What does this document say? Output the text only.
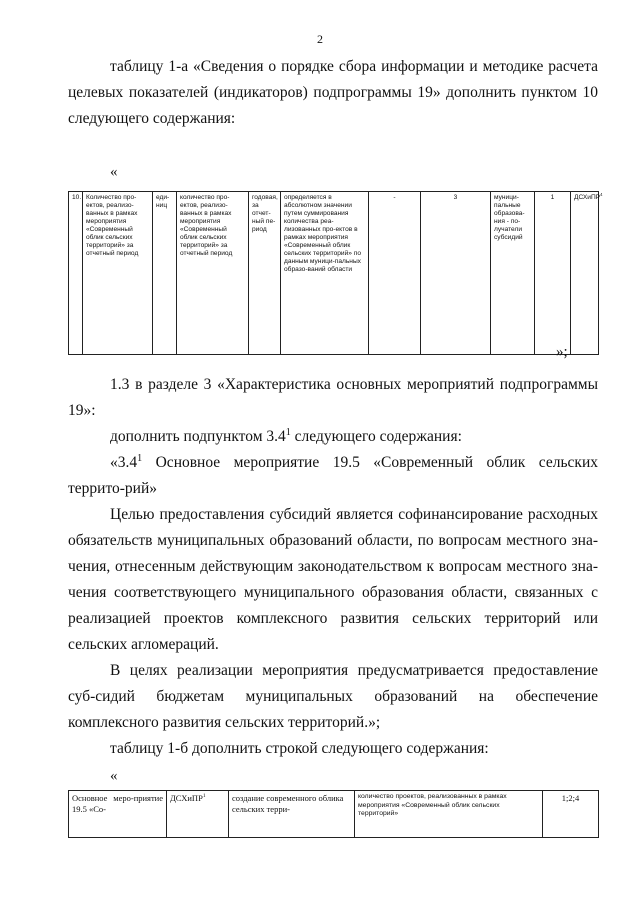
2

таблицу 1-а «Сведения о порядке сбора информации и методике расчета целевых показателей (индикаторов) подпрограммы 19» дополнить пунктом 10 следующего содержания:

«
10.	Количество про-ектов, реализо-ванных в рамках мероприятия «Современный облик сельских территорий» за отчетный период	еди-ниц	количество про-ектов, реализо-ванных в рамках мероприятия «Современный облик сельских территорий» за отчетный период	годовая, за отчет-ный пе-риод	определяется в абсолютном значении путем суммирования количества реа-лизованных про-ектов в рамках мероприятия «Современный облик сельских территорий» по данным муници-пальных образо-ваний области	-	3	муници-пальные образова-ния - по-лучатели субсидий	1	ДСХиПР$^4$
»;

1.3 в разделе 3 «Характеристика основных мероприятий подпрограммы 19»:

дополнить подпунктом $3.4^1$ следующего содержания:

«$3.4^1$ Основное мероприятие 19.5 «Современный облик сельских террито-рий»

Целью предоставления субсидий является софинансирование расходных обязательств муниципальных образований области, по вопросам местного зна-чения, отнесенным действующим законодательством к вопросам местного зна-чения соответствующего муниципального образования области, связанных с реализацией проектов комплексного развития сельских территорий или сельских агломераций.

В целях реализации мероприятия предусматривается предоставление суб-сидий бюджетам муниципальных образований на обеспечение комплексного развития сельских территорий.»;

таблицу 1-б дополнить строкой следующего содержания:

«
Основное меро-приятие 19.5 «Со-	ДСХиПР$^1$	создание современного облика сельских терри-	количество проектов, реализованных в рамках мероприятия «Современный облик сельских территорий»	1;2;4
